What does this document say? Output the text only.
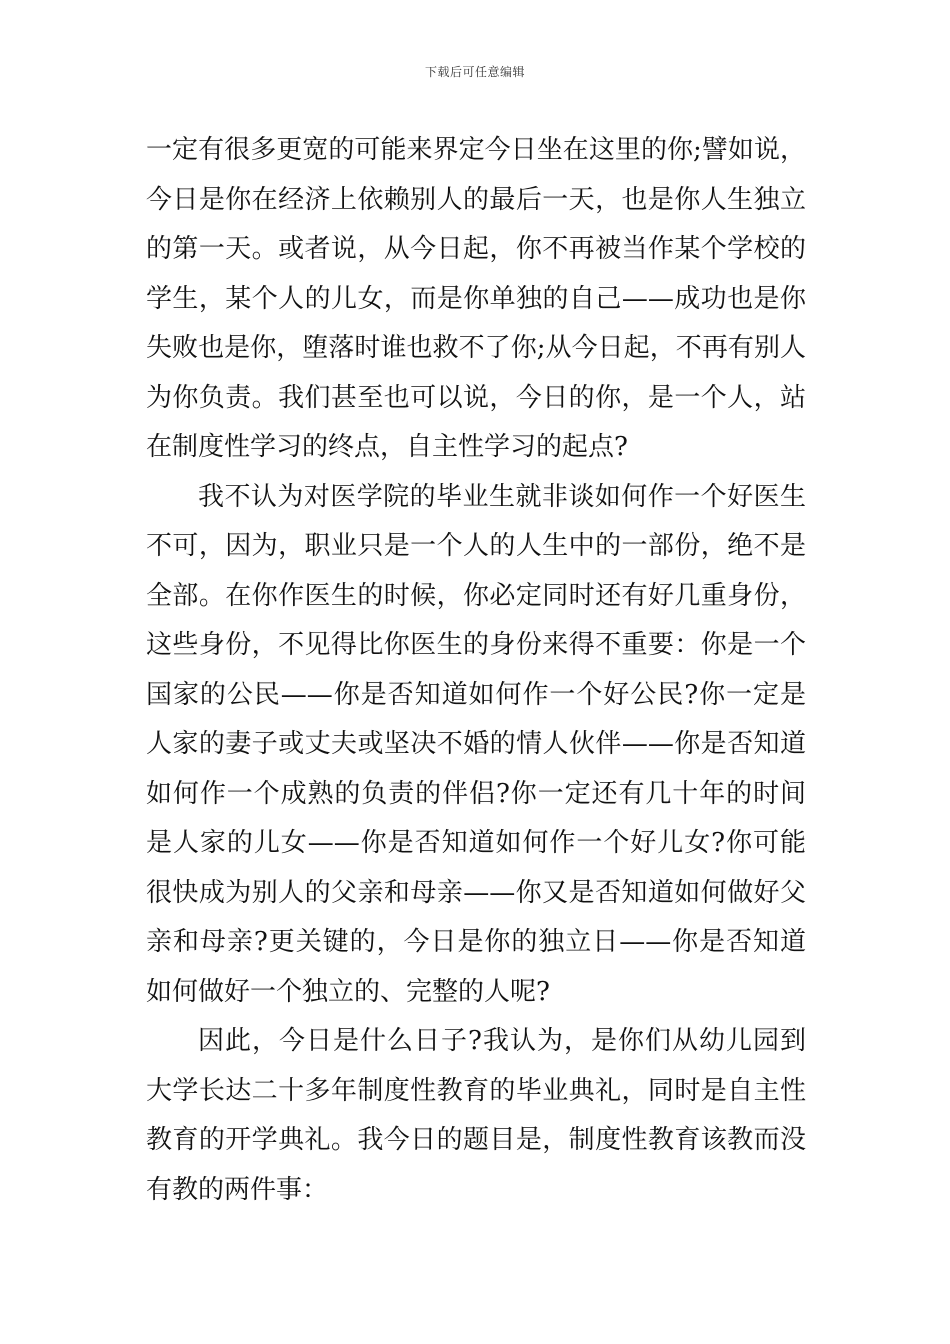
下载后可任意编辑

一定有很多更宽的可能来界定今日坐在这里的你;譬如说，今日是你在经济上依赖别人的最后一天，也是你人生独立的第一天。或者说，从今日起，你不再被当作某个学校的学生，某个人的儿女，而是你单独的自己——成功也是你失败也是你，堕落时谁也救不了你;从今日起，不再有别人为你负责。我们甚至也可以说，今日的你，是一个人，站在制度性学习的终点，自主性学习的起点?

我不认为对医学院的毕业生就非谈如何作一个好医生不可，因为，职业只是一个人的人生中的一部份，绝不是全部。在你作医生的时候，你必定同时还有好几重身份，这些身份，不见得比你医生的身份来得不重要：你是一个国家的公民——你是否知道如何作一个好公民?你一定是人家的妻子或丈夫或坚决不婚的情人伙伴——你是否知道如何作一个成熟的负责的伴侣?你一定还有几十年的时间是人家的儿女——你是否知道如何作一个好儿女?你可能很快成为别人的父亲和母亲——你又是否知道如何做好父亲和母亲?更关键的，今日是你的独立日——你是否知道如何做好一个独立的、完整的人呢?

因此，今日是什么日子?我认为，是你们从幼儿园到大学长达二十多年制度性教育的毕业典礼，同时是自主性教育的开学典礼。我今日的题目是，制度性教育该教而没有教的两件事：
